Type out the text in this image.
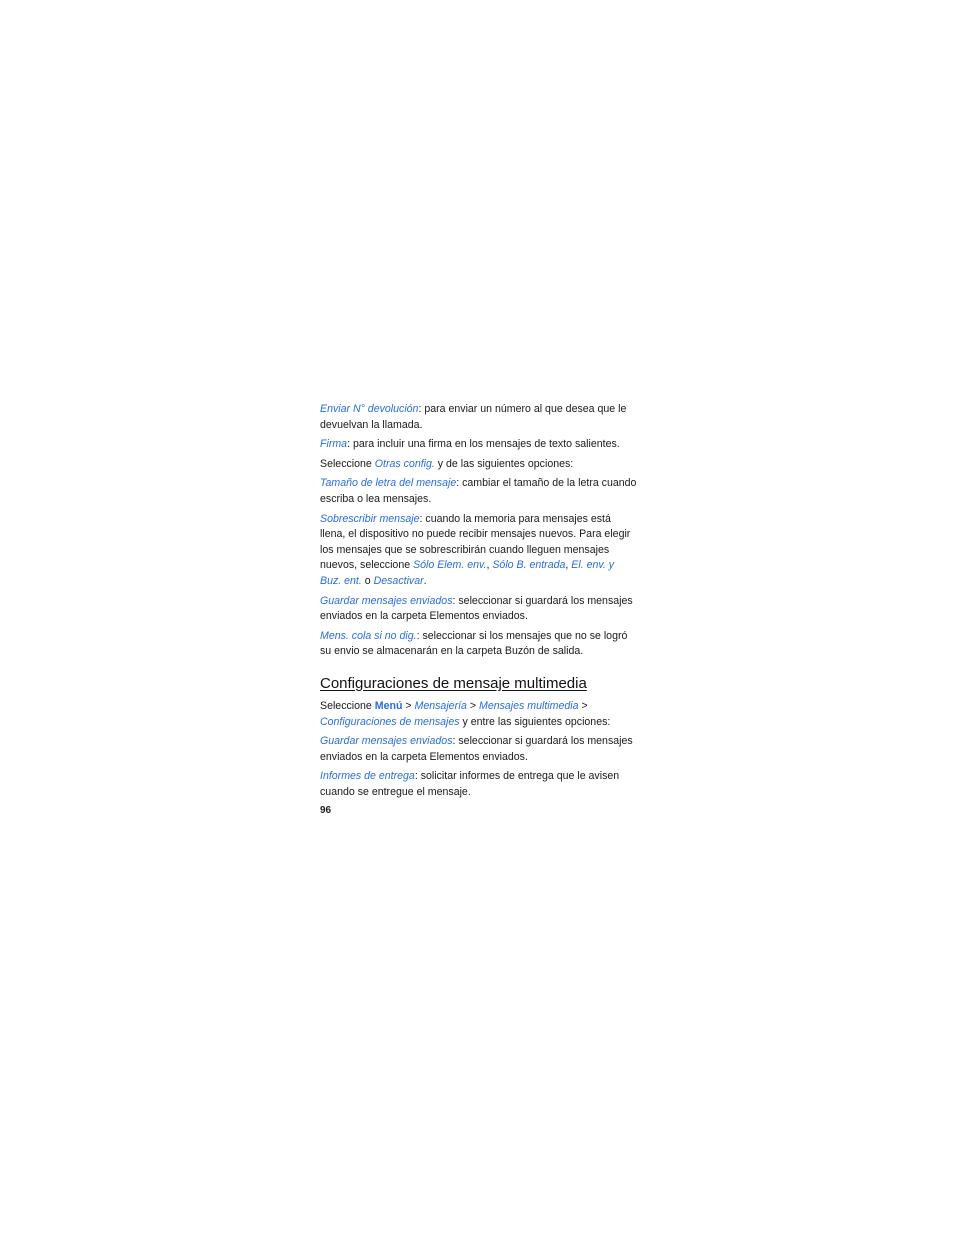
Enviar N° devolución: para enviar un número al que desea que le devuelvan la llamada.

Firma: para incluir una firma en los mensajes de texto salientes.

Seleccione Otras config. y de las siguientes opciones:

Tamaño de letra del mensaje: cambiar el tamaño de la letra cuando escriba o lea mensajes.

Sobrescribir mensaje: cuando la memoria para mensajes está llena, el dispositivo no puede recibir mensajes nuevos. Para elegir los mensajes que se sobrescribirán cuando lleguen mensajes nuevos, seleccione Sólo Elem. env., Sólo B. entrada, El. env. y Buz. ent. o Desactivar.

Guardar mensajes enviados: seleccionar si guardará los mensajes enviados en la carpeta Elementos enviados.

Mens. cola si no dig.: seleccionar si los mensajes que no se logró su envio se almacenarán en la carpeta Buzón de salida.

Configuraciones de mensaje multimedia

Seleccione Menú > Mensajería > Mensajes multimedia > Configuraciones de mensajes y entre las siguientes opciones:

Guardar mensajes enviados: seleccionar si guardará los mensajes enviados en la carpeta Elementos enviados.

Informes de entrega: solicitar informes de entrega que le avisen cuando se entregue el mensaje.

96
